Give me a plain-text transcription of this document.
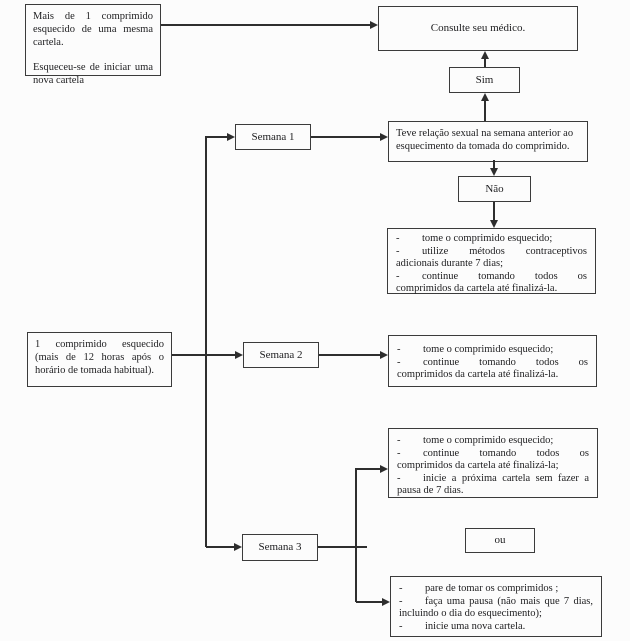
Mais de 1 comprimido esquecido de uma mesma cartela.

Esqueceu-se de iniciar uma nova cartela

Consulte seu médico.
Sim

Teve relação sexual na semana anterior ao esquecimento da tomada do comprimido.

Não

- tome o comprimido esquecido;

- utilize métodos contraceptivos adicionais durante 7 dias;

- continue tomando todos os comprimidos da cartela até finalizá-la.

1 comprimido esquecido (mais de 12 horas após o horário de tomada habitual).

Semana 1
Semana 2	- tome o comprimido esquecido;

- continue tomando todos os comprimidos da cartela até finalizá-la.

- tome o comprimido esquecido;

- continue tomando todos os comprimidos da cartela até finalizá-la;

- inicie a próxima cartela sem fazer a pausa de 7 dias.

ou
Semana 3

- pare de tomar os comprimidos ;

- faça uma pausa (não mais que 7 dias, incluindo o dia do esquecimento);

- inicie uma nova cartela.
